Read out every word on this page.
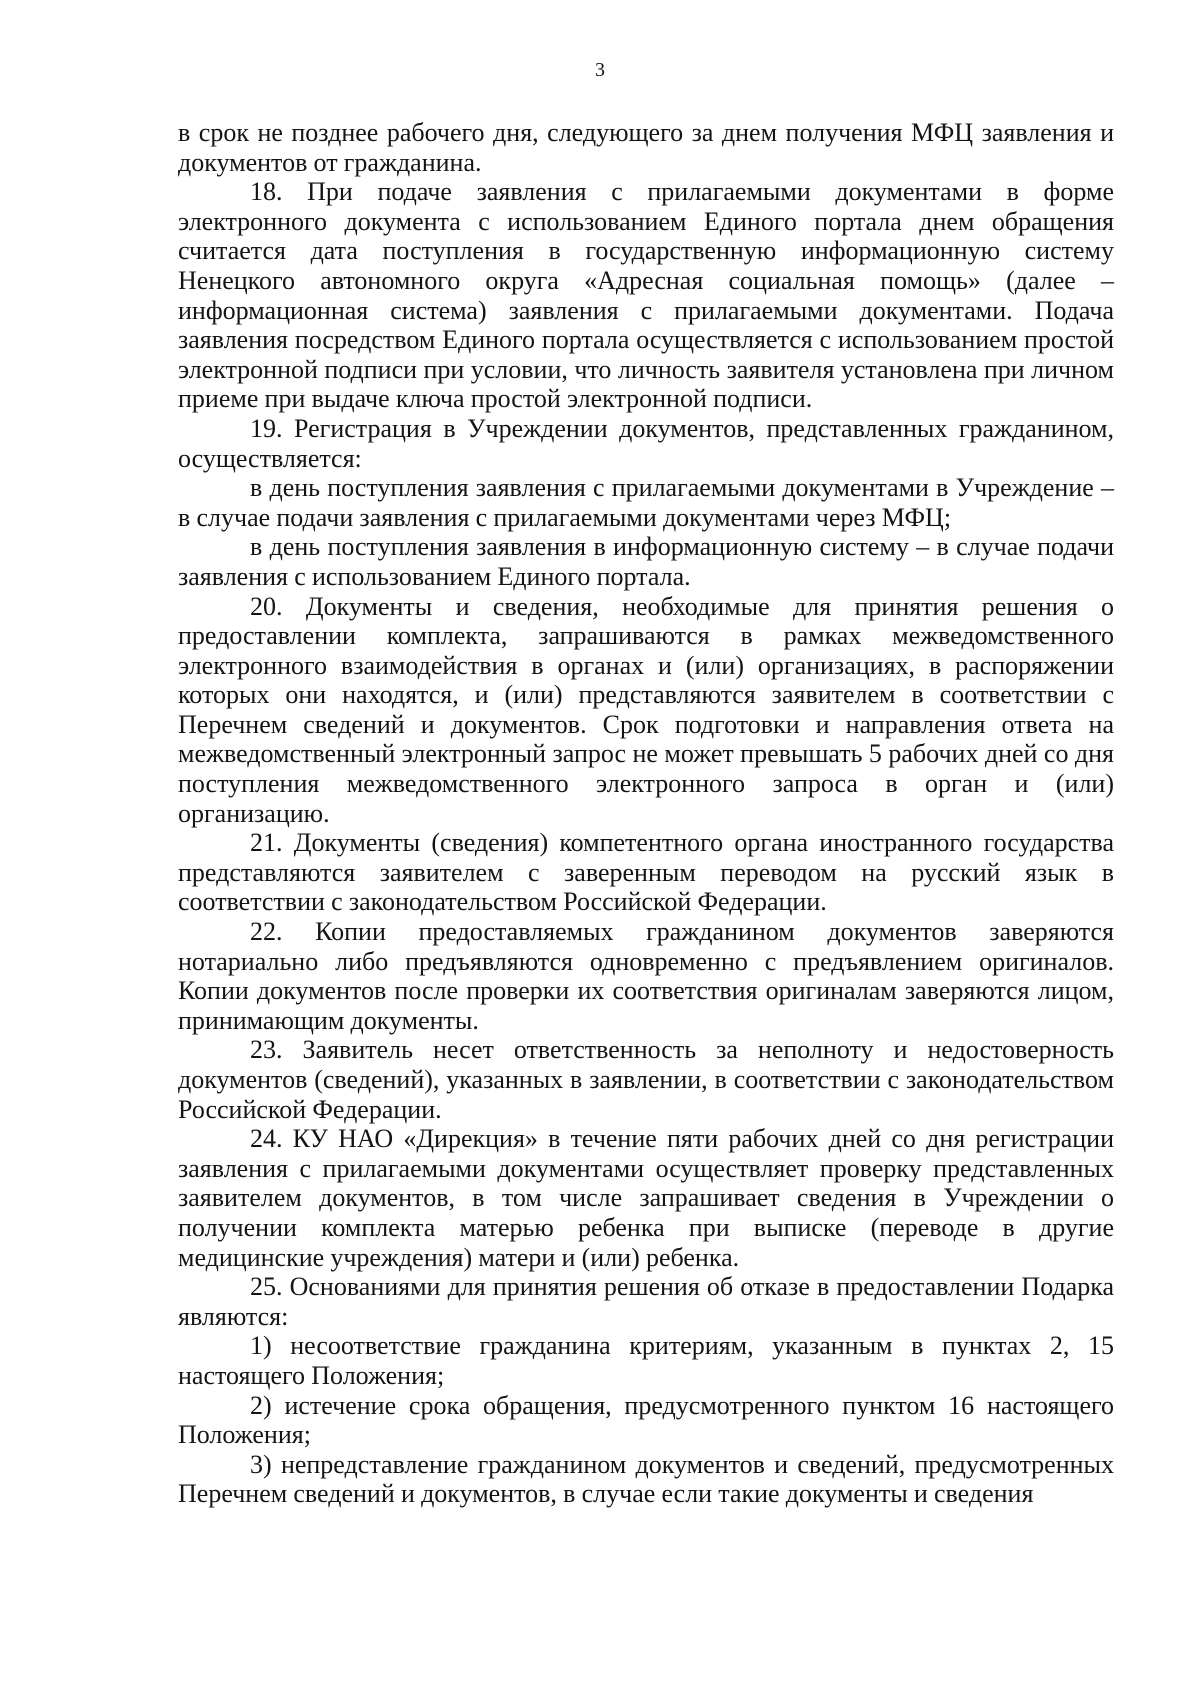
3

в срок не позднее рабочего дня, следующего за днем получения МФЦ заявления и документов от гражданина.

18. При подаче заявления с прилагаемыми документами в форме электронного документа с использованием Единого портала днем обращения считается дата поступления в государственную информационную систему Ненецкого автономного округа «Адресная социальная помощь» (далее – информационная система) заявления с прилагаемыми документами. Подача заявления посредством Единого портала осуществляется с использованием простой электронной подписи при условии, что личность заявителя установлена при личном приеме при выдаче ключа простой электронной подписи.

19. Регистрация в Учреждении документов, представленных гражданином, осуществляется:

в день поступления заявления с прилагаемыми документами в Учреждение – в случае подачи заявления с прилагаемыми документами через МФЦ;

в день поступления заявления в информационную систему – в случае подачи заявления с использованием Единого портала.

20. Документы и сведения, необходимые для принятия решения о предоставлении комплекта, запрашиваются в рамках межведомственного электронного взаимодействия в органах и (или) организациях, в распоряжении которых они находятся, и (или) представляются заявителем в соответствии с Перечнем сведений и документов. Срок подготовки и направления ответа на межведомственный электронный запрос не может превышать 5 рабочих дней со дня поступления межведомственного электронного запроса в орган и (или) организацию.

21. Документы (сведения) компетентного органа иностранного государства представляются заявителем с заверенным переводом на русский язык в соответствии с законодательством Российской Федерации.

22. Копии предоставляемых гражданином документов заверяются нотариально либо предъявляются одновременно с предъявлением оригиналов. Копии документов после проверки их соответствия оригиналам заверяются лицом, принимающим документы.

23. Заявитель несет ответственность за неполноту и недостоверность документов (сведений), указанных в заявлении, в соответствии с законодательством Российской Федерации.

24. КУ НАО «Дирекция» в течение пяти рабочих дней со дня регистрации заявления с прилагаемыми документами осуществляет проверку представленных заявителем документов, в том числе запрашивает сведения в Учреждении о получении комплекта матерью ребенка при выписке (переводе в другие медицинские учреждения) матери и (или) ребенка.

25. Основаниями для принятия решения об отказе в предоставлении Подарка являются:

1) несоответствие гражданина критериям, указанным в пунктах 2, 15 настоящего Положения;

2) истечение срока обращения, предусмотренного пунктом 16 настоящего Положения;

3) непредставление гражданином документов и сведений, предусмотренных Перечнем сведений и документов, в случае если такие документы и сведения
